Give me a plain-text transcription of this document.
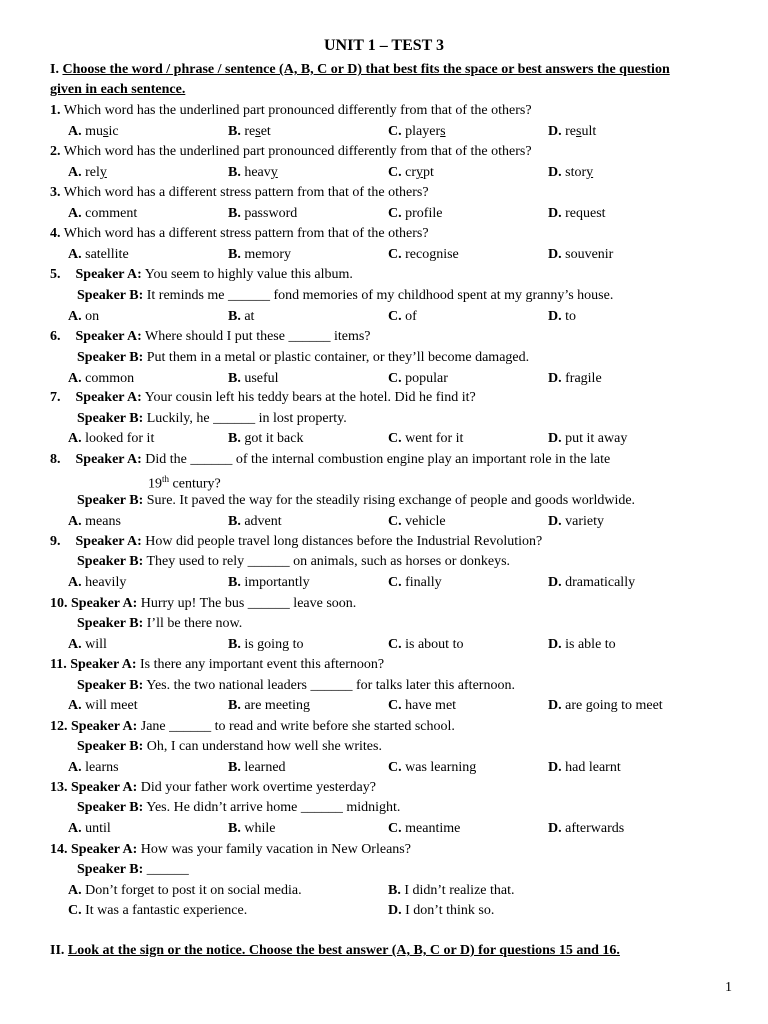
UNIT 1 – TEST 3
I. Choose the word / phrase / sentence (A, B, C or D) that best fits the space or best answers the question
given in each sentence.
1. Which word has the underlined part pronounced differently from that of the others?
A. music	B. reset	C. players	D. result
2. Which word has the underlined part pronounced differently from that of the others?
A. rely	B. heavy	C. crypt	D. story
3. Which word has a different stress pattern from that of the others?
A. comment	B. password	C. profile	D. request
4. Which word has a different stress pattern from that of the others?
A. satellite	B. memory	C. recognise	D. souvenir
5. Speaker A: You seem to highly value this album.
Speaker B: It reminds me ______ fond memories of my childhood spent at my granny’s house.
A. on	B. at	C. of	D. to
6. Speaker A: Where should I put these ______ items?
Speaker B: Put them in a metal or plastic container, or they’ll become damaged.
A. common	B. useful	C. popular	D. fragile
7. Speaker A: Your cousin left his teddy bears at the hotel. Did he find it?
Speaker B: Luckily, he ______ in lost property.
A. looked for it	B. got it back	C. went for it	D. put it away
8. Speaker A: Did the ______ of the internal combustion engine play an important role in the late
19th century?
Speaker B: Sure. It paved the way for the steadily rising exchange of people and goods worldwide.
A. means	B. advent	C. vehicle	D. variety
9. Speaker A: How did people travel long distances before the Industrial Revolution?
Speaker B: They used to rely ______ on animals, such as horses or donkeys.
A. heavily	B. importantly	C. finally	D. dramatically
10. Speaker A: Hurry up! The bus ______ leave soon.
Speaker B: I’ll be there now.
A. will	B. is going to	C. is about to	D. is able to
11. Speaker A: Is there any important event this afternoon?
Speaker B: Yes. the two national leaders ______ for talks later this afternoon.
A. will meet	B. are meeting	C. have met	D. are going to meet
12. Speaker A: Jane ______ to read and write before she started school.
Speaker B: Oh, I can understand how well she writes.
A. learns	B. learned	C. was learning	D. had learnt
13. Speaker A: Did your father work overtime yesterday?
Speaker B: Yes. He didn’t arrive home ______ midnight.
A. until	B. while	C. meantime	D. afterwards
14. Speaker A: How was your family vacation in New Orleans?
Speaker B: ______
A. Don’t forget to post it on social media.	B. I didn’t realize that.
C. It was a fantastic experience.	D. I don’t think so.
II. Look at the sign or the notice. Choose the best answer (A, B, C or D) for questions 15 and 16.
1
